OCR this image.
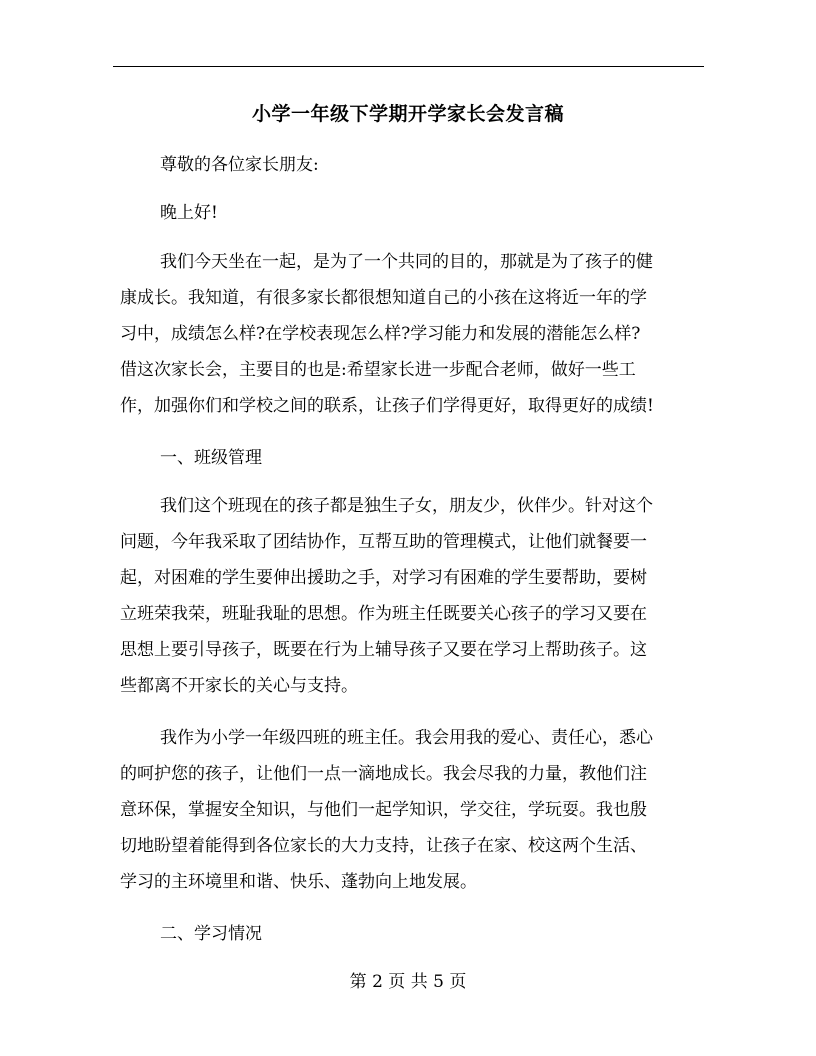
小学一年级下学期开学家长会发言稿
尊敬的各位家长朋友:
晚上好!
我们今天坐在一起，是为了一个共同的目的，那就是为了孩子的健
康成长。我知道，有很多家长都很想知道自己的小孩在这将近一年的学
习中，成绩怎么样?在学校表现怎么样?学习能力和发展的潜能怎么样?
借这次家长会，主要目的也是:希望家长进一步配合老师，做好一些工
作，加强你们和学校之间的联系，让孩子们学得更好，取得更好的成绩!
一、班级管理
我们这个班现在的孩子都是独生子女，朋友少，伙伴少。针对这个
问题，今年我采取了团结协作，互帮互助的管理模式，让他们就餐要一
起，对困难的学生要伸出援助之手，对学习有困难的学生要帮助，要树
立班荣我荣，班耻我耻的思想。作为班主任既要关心孩子的学习又要在
思想上要引导孩子，既要在行为上辅导孩子又要在学习上帮助孩子。这
些都离不开家长的关心与支持。
我作为小学一年级四班的班主任。我会用我的爱心、责任心，悉心
的呵护您的孩子，让他们一点一滴地成长。我会尽我的力量，教他们注
意环保，掌握安全知识，与他们一起学知识，学交往，学玩耍。我也殷
切地盼望着能得到各位家长的大力支持，让孩子在家、校这两个生活、
学习的主环境里和谐、快乐、蓬勃向上地发展。
二、学习情况
第 2 页 共 5 页
